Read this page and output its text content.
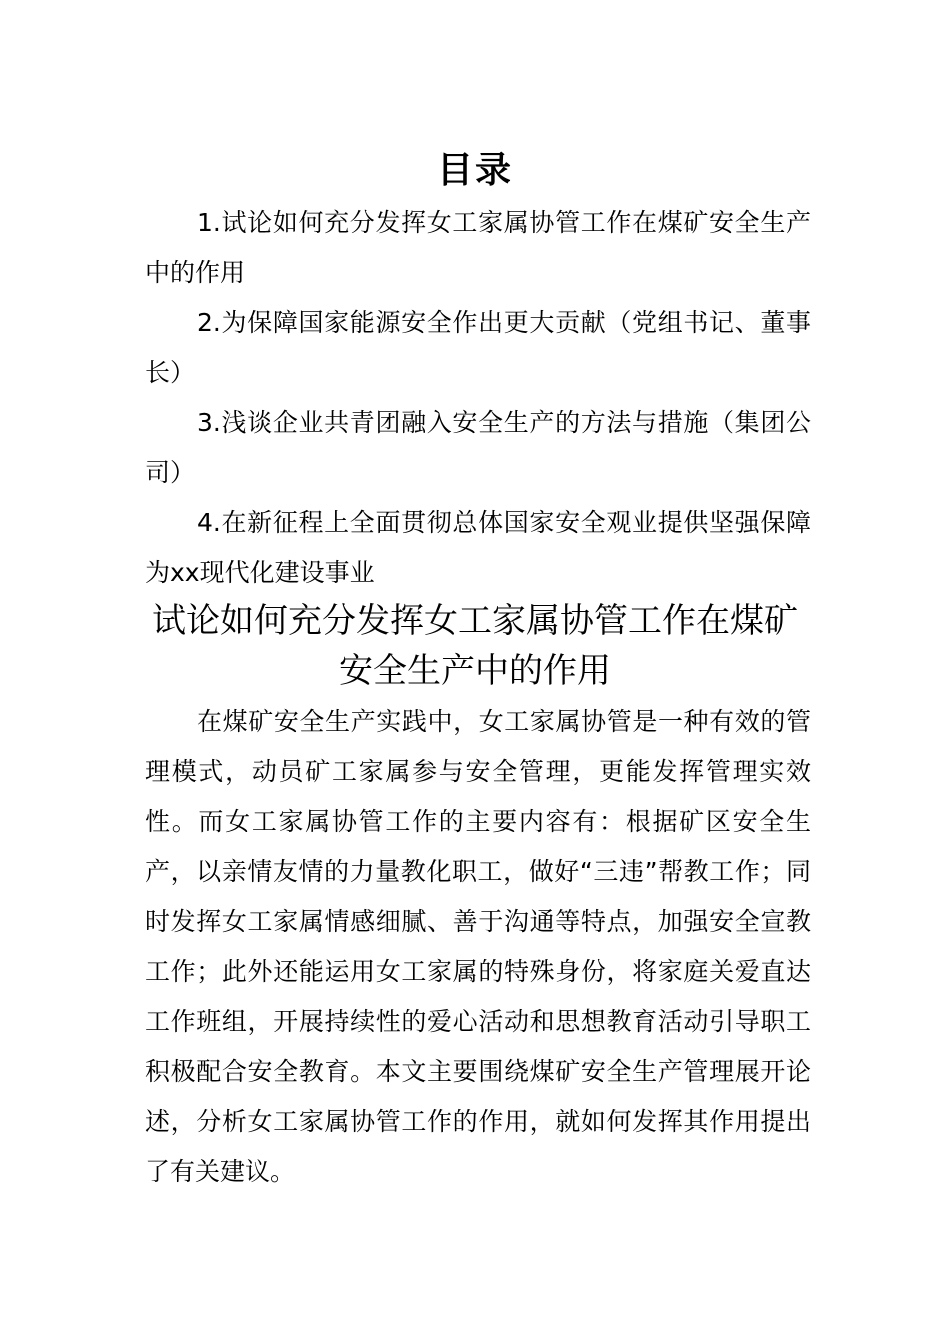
目录
1.试论如何充分发挥女工家属协管工作在煤矿安全生产中的作用
2.为保障国家能源安全作出更大贡献（党组书记、董事长）
3.浅谈企业共青团融入安全生产的方法与措施（集团公司）
4.在新征程上全面贯彻总体国家安全观业提供坚强保障为xx现代化建设事业
试论如何充分发挥女工家属协管工作在煤矿安全生产中的作用

在煤矿安全生产实践中，女工家属协管是一种有效的管理模式，动员矿工家属参与安全管理，更能发挥管理实效性。而女工家属协管工作的主要内容有：根据矿区安全生产，以亲情友情的力量教化职工，做好“三违”帮教工作；同时发挥女工家属情感细腻、善于沟通等特点，加强安全宣教工作；此外还能运用女工家属的特殊身份，将家庭关爱直达工作班组，开展持续性的爱心活动和思想教育活动引导职工积极配合安全教育。本文主要围绕煤矿安全生产管理展开论述，分析女工家属协管工作的作用，就如何发挥其作用提出了有关建议。
